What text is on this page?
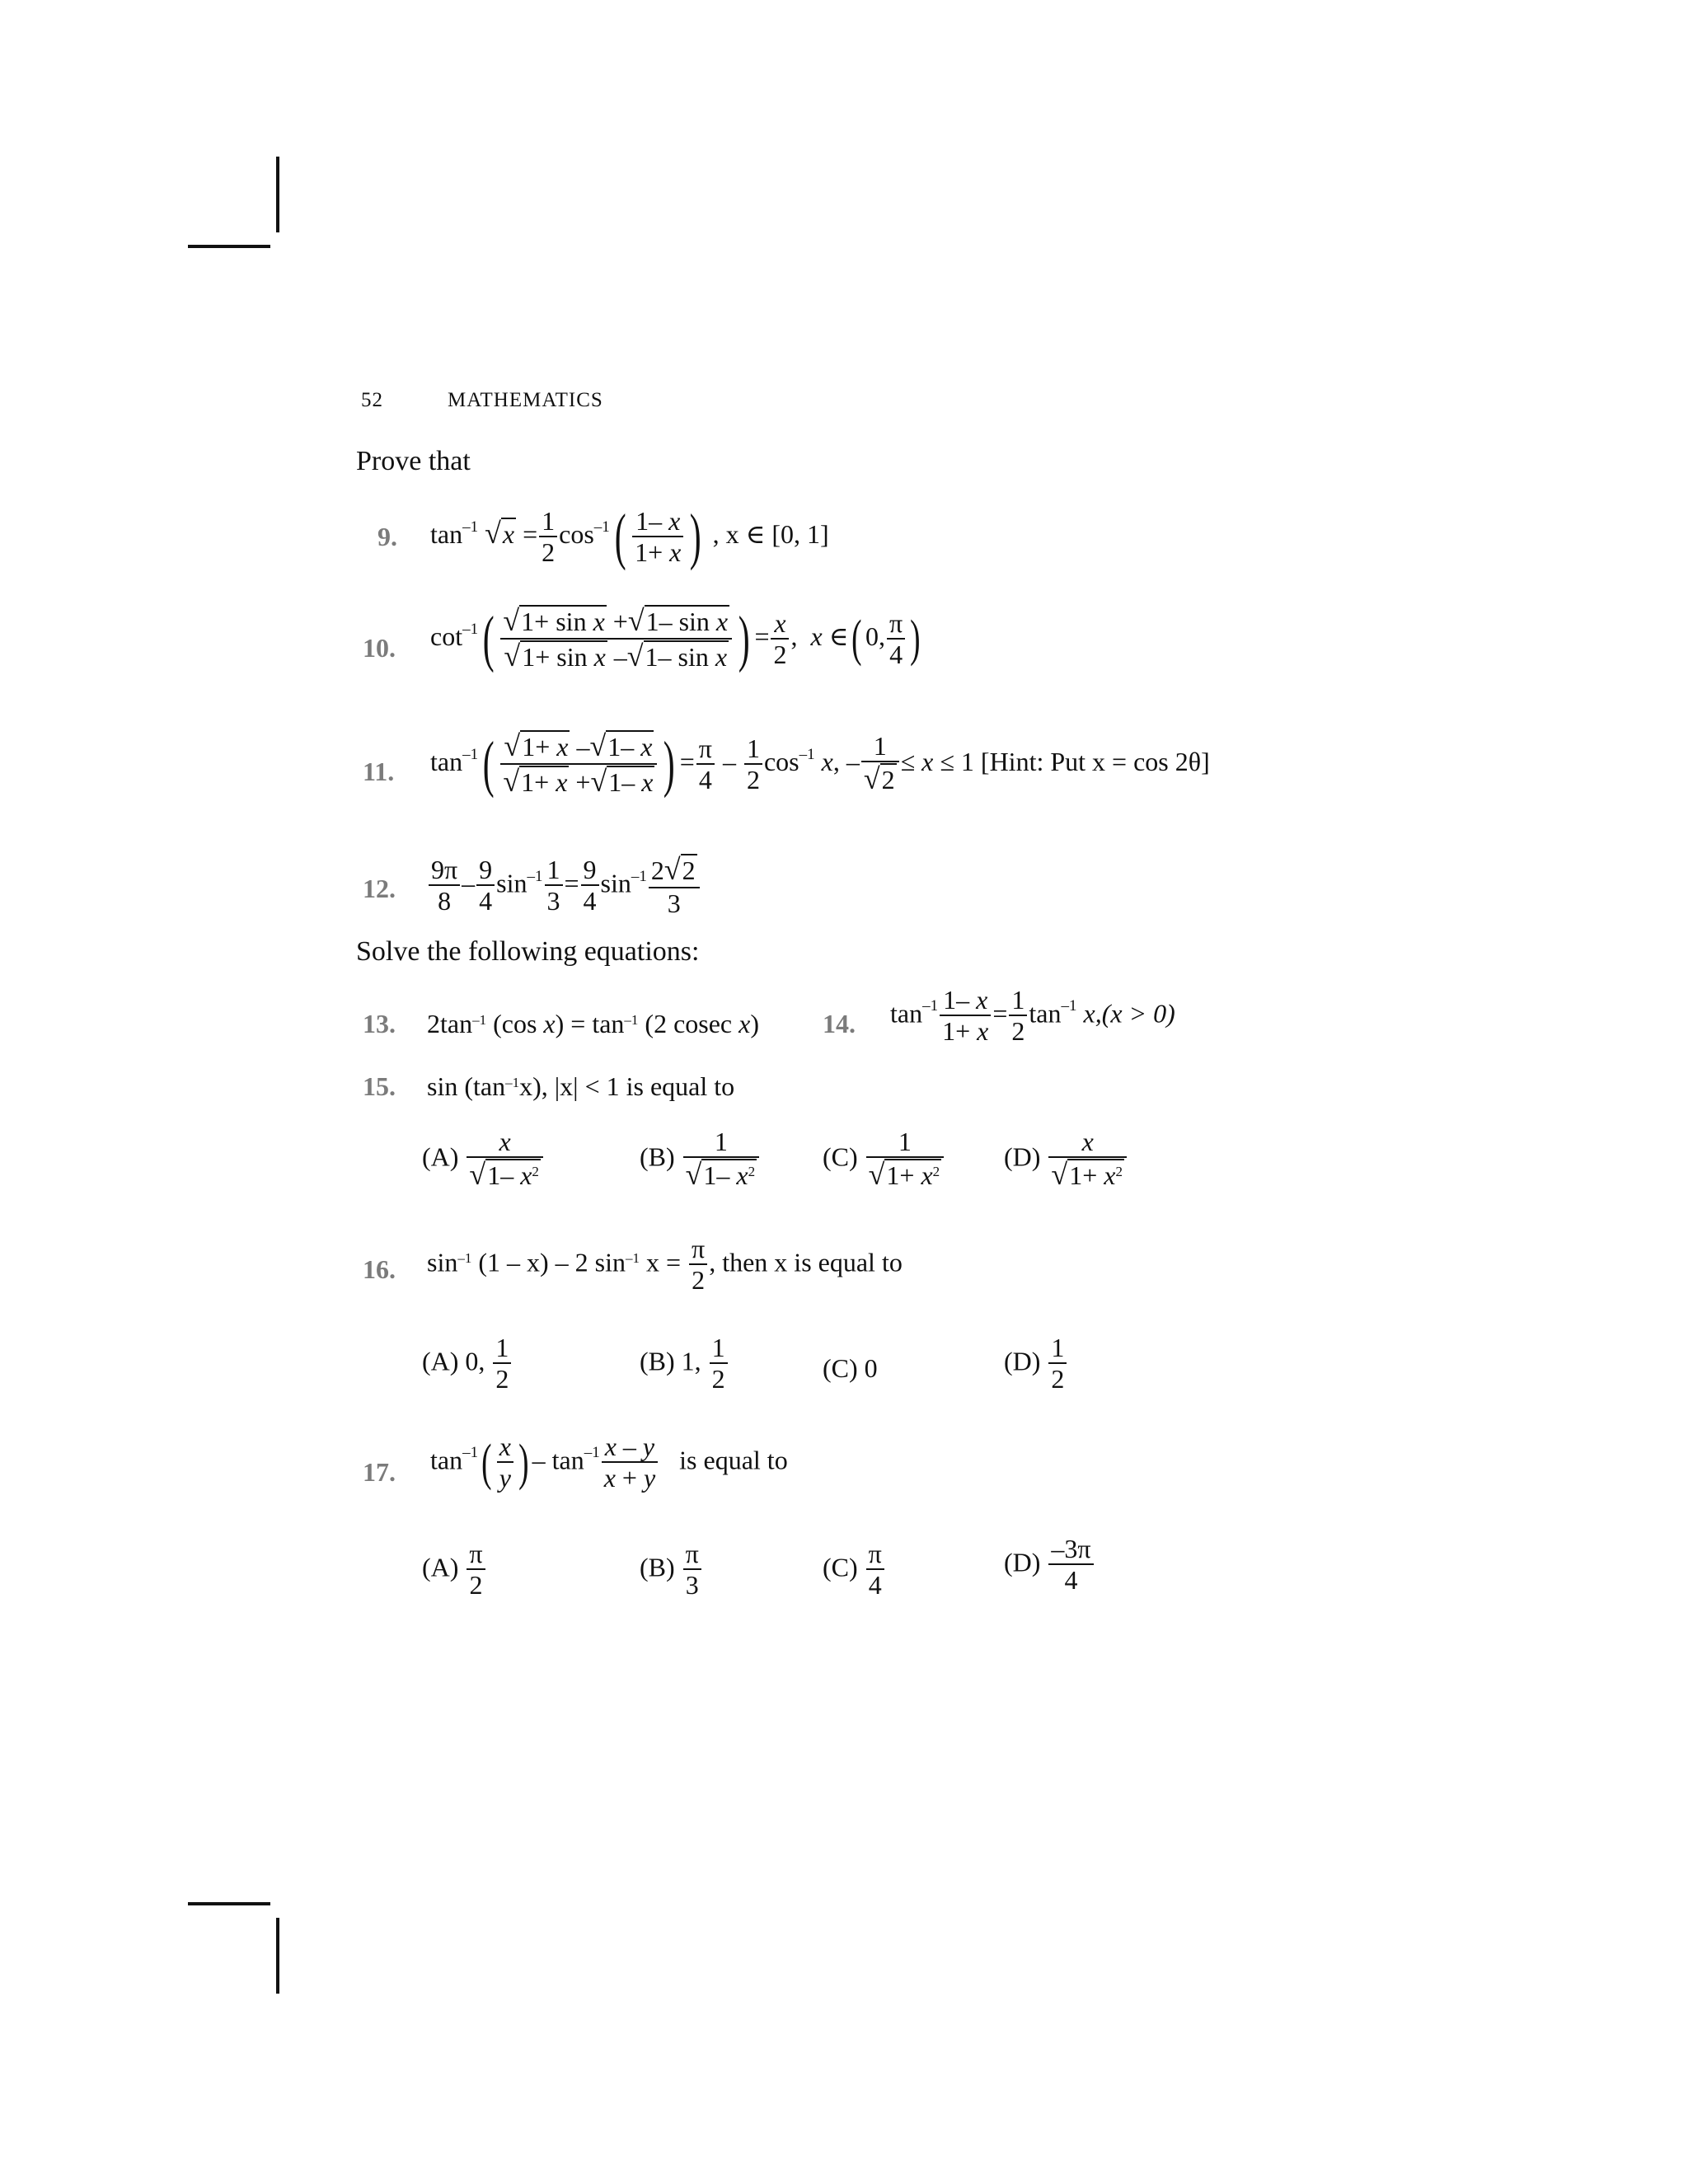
52	MATHEMATICS
Prove that
9. $\tan^{-1} √x = \frac{1}{2} \cos^{-1}( \frac{1- x}{1+ x}$ ) , x ∈ [0, 1]
10. $\cot^{-1}( \frac{\text{√1+ sin x +√1– sin x}}{\text{√1+ sin x –√1– sin x}}$ ) = $\frac{x}{2}$ ,  x ∈( 0, $\frac{\pi}{4}$ )
11. $\tan^{-1}( \frac{√1+ x -√1- x}{√1+ x +√1- x}$ ) = $\frac{\pi}{4} - \frac{1}{2} \cos^{-1} x$, – $\frac{1}{√2} \le x \le 1$ [Hint: Put x = cos 2θ]
12. $\frac{9\pi}{8} - \frac{9}{4} \sin^{-1} \frac{1}{3} = \frac{9}{4} \sin^{-1} \frac{2√2}{3}$
Solve the following equations:
13. $2\tan^{-1}$ (cos $x) = \tan^{-1} (2$ cosec x) 14. $\tan^{-1} \frac{1- x}{1+ x} = \frac{1}{2} \tan^{-1} x,(x > 0)$
15. $\sin (\tan^{-1}x)$, |x| < 1 is equal to
$(A) \frac{x}{√1- x^2}$	$(B) \frac{1}{√1- x^2} (C) \frac{1}{√1+ x^2} (D) \frac{x}{√1+ x^2}$
16. $\sin^{-1} (1 - x) - 2$ $\sin^{-1} x = \frac{\pi}{2}$ , then x is equal to
(A) 0, $\frac{1}{2}$	(B) 1, $\frac{1}{2}$	(C) 0	$(D) \frac{1}{2}$
17. $\tan^{-1}( \frac{x}{y}$ ) – $\tan^{-1} \frac{x - y}{x + y}$ is equal to
$(A) \frac{\pi}{2}$	$(B) \frac{\pi}{3}$	$(C) \frac{\pi}{4}$	$(D) \frac{-3\pi}{4}$
